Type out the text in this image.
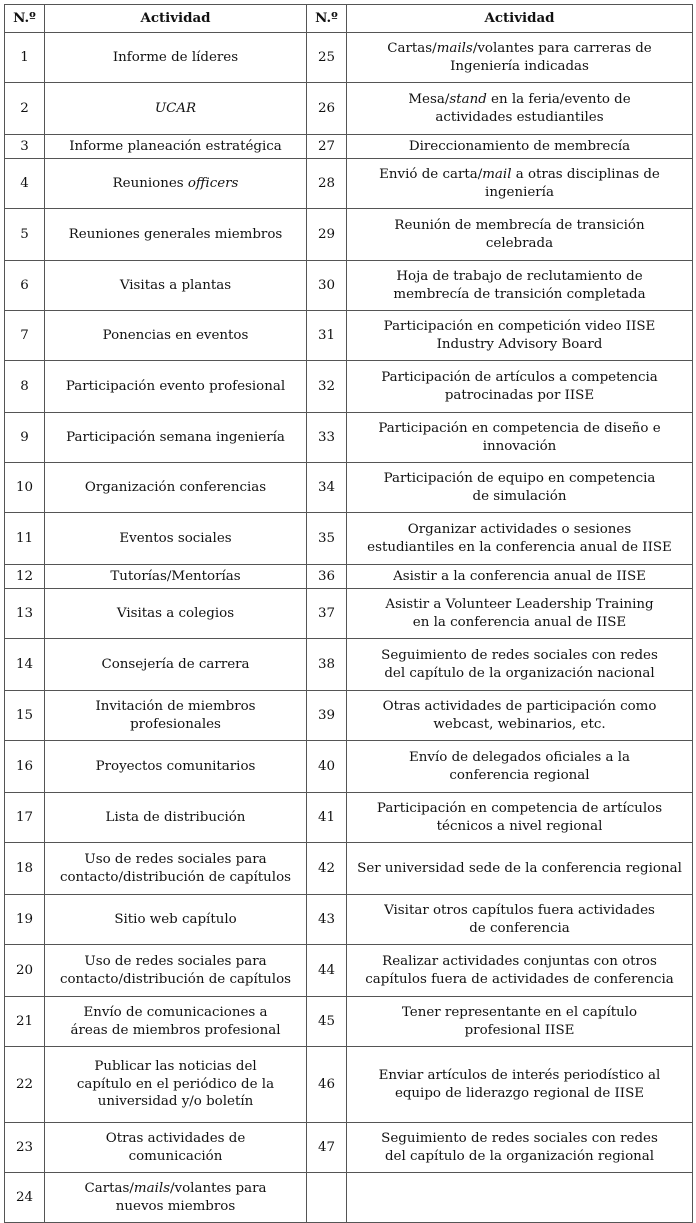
N.º	Actividad	N.º	Actividad
1	Informe de líderes	25	Cartas/mails/volantes para carreras de
Ingeniería indicadas
2	UCAR	26	Mesa/stand en la feria/evento de
actividades estudiantiles
3	Informe planeación estratégica	27	Direccionamiento de membrecía
4	Reuniones officers	28	Envió de carta/mail a otras disciplinas de
ingeniería
5	Reuniones generales miembros	29	Reunión de membrecía de transición
celebrada
6	Visitas a plantas	30	Hoja de trabajo de reclutamiento de
membrecía de transición completada
7	Ponencias en eventos	31	Participación en competición video IISE
Industry Advisory Board
8	Participación evento profesional	32	Participación de artículos a competencia
patrocinadas por IISE
9	Participación semana ingeniería	33	Participación en competencia de diseño e
innovación
10	Organización conferencias	34	Participación de equipo en competencia
de simulación
11	Eventos sociales	35	Organizar actividades o sesiones
estudiantiles en la conferencia anual de IISE
12	Tutorías/Mentorías	36	Asistir a la conferencia anual de IISE
13	Visitas a colegios	37	Asistir a Volunteer Leadership Training
en la conferencia anual de IISE
14	Consejería de carrera	38	Seguimiento de redes sociales con redes
del capítulo de la organización nacional
15	Invitación de miembros
profesionales	39	Otras actividades de participación como
webcast, webinarios, etc.
16	Proyectos comunitarios	40	Envío de delegados oficiales a la
conferencia regional
17	Lista de distribución	41	Participación en competencia de artículos
técnicos a nivel regional
18	Uso de redes sociales para
contacto/distribución de capítulos	42	Ser universidad sede de la conferencia regional
19	Sitio web capítulo	43	Visitar otros capítulos fuera actividades
de conferencia
20	Uso de redes sociales para
contacto/distribución de capítulos	44	Realizar actividades conjuntas con otros
capítulos fuera de actividades de conferencia
21	Envío de comunicaciones a
áreas de miembros profesional	45	Tener representante en el capítulo
profesional IISE
22	Publicar las noticias del
capítulo en el periódico de la
universidad y/o boletín	46	Enviar artículos de interés periodístico al
equipo de liderazgo regional de IISE
23	Otras actividades de
comunicación	47	Seguimiento de redes sociales con redes
del capítulo de la organización regional
24	Cartas/mails/volantes para
nuevos miembros		
